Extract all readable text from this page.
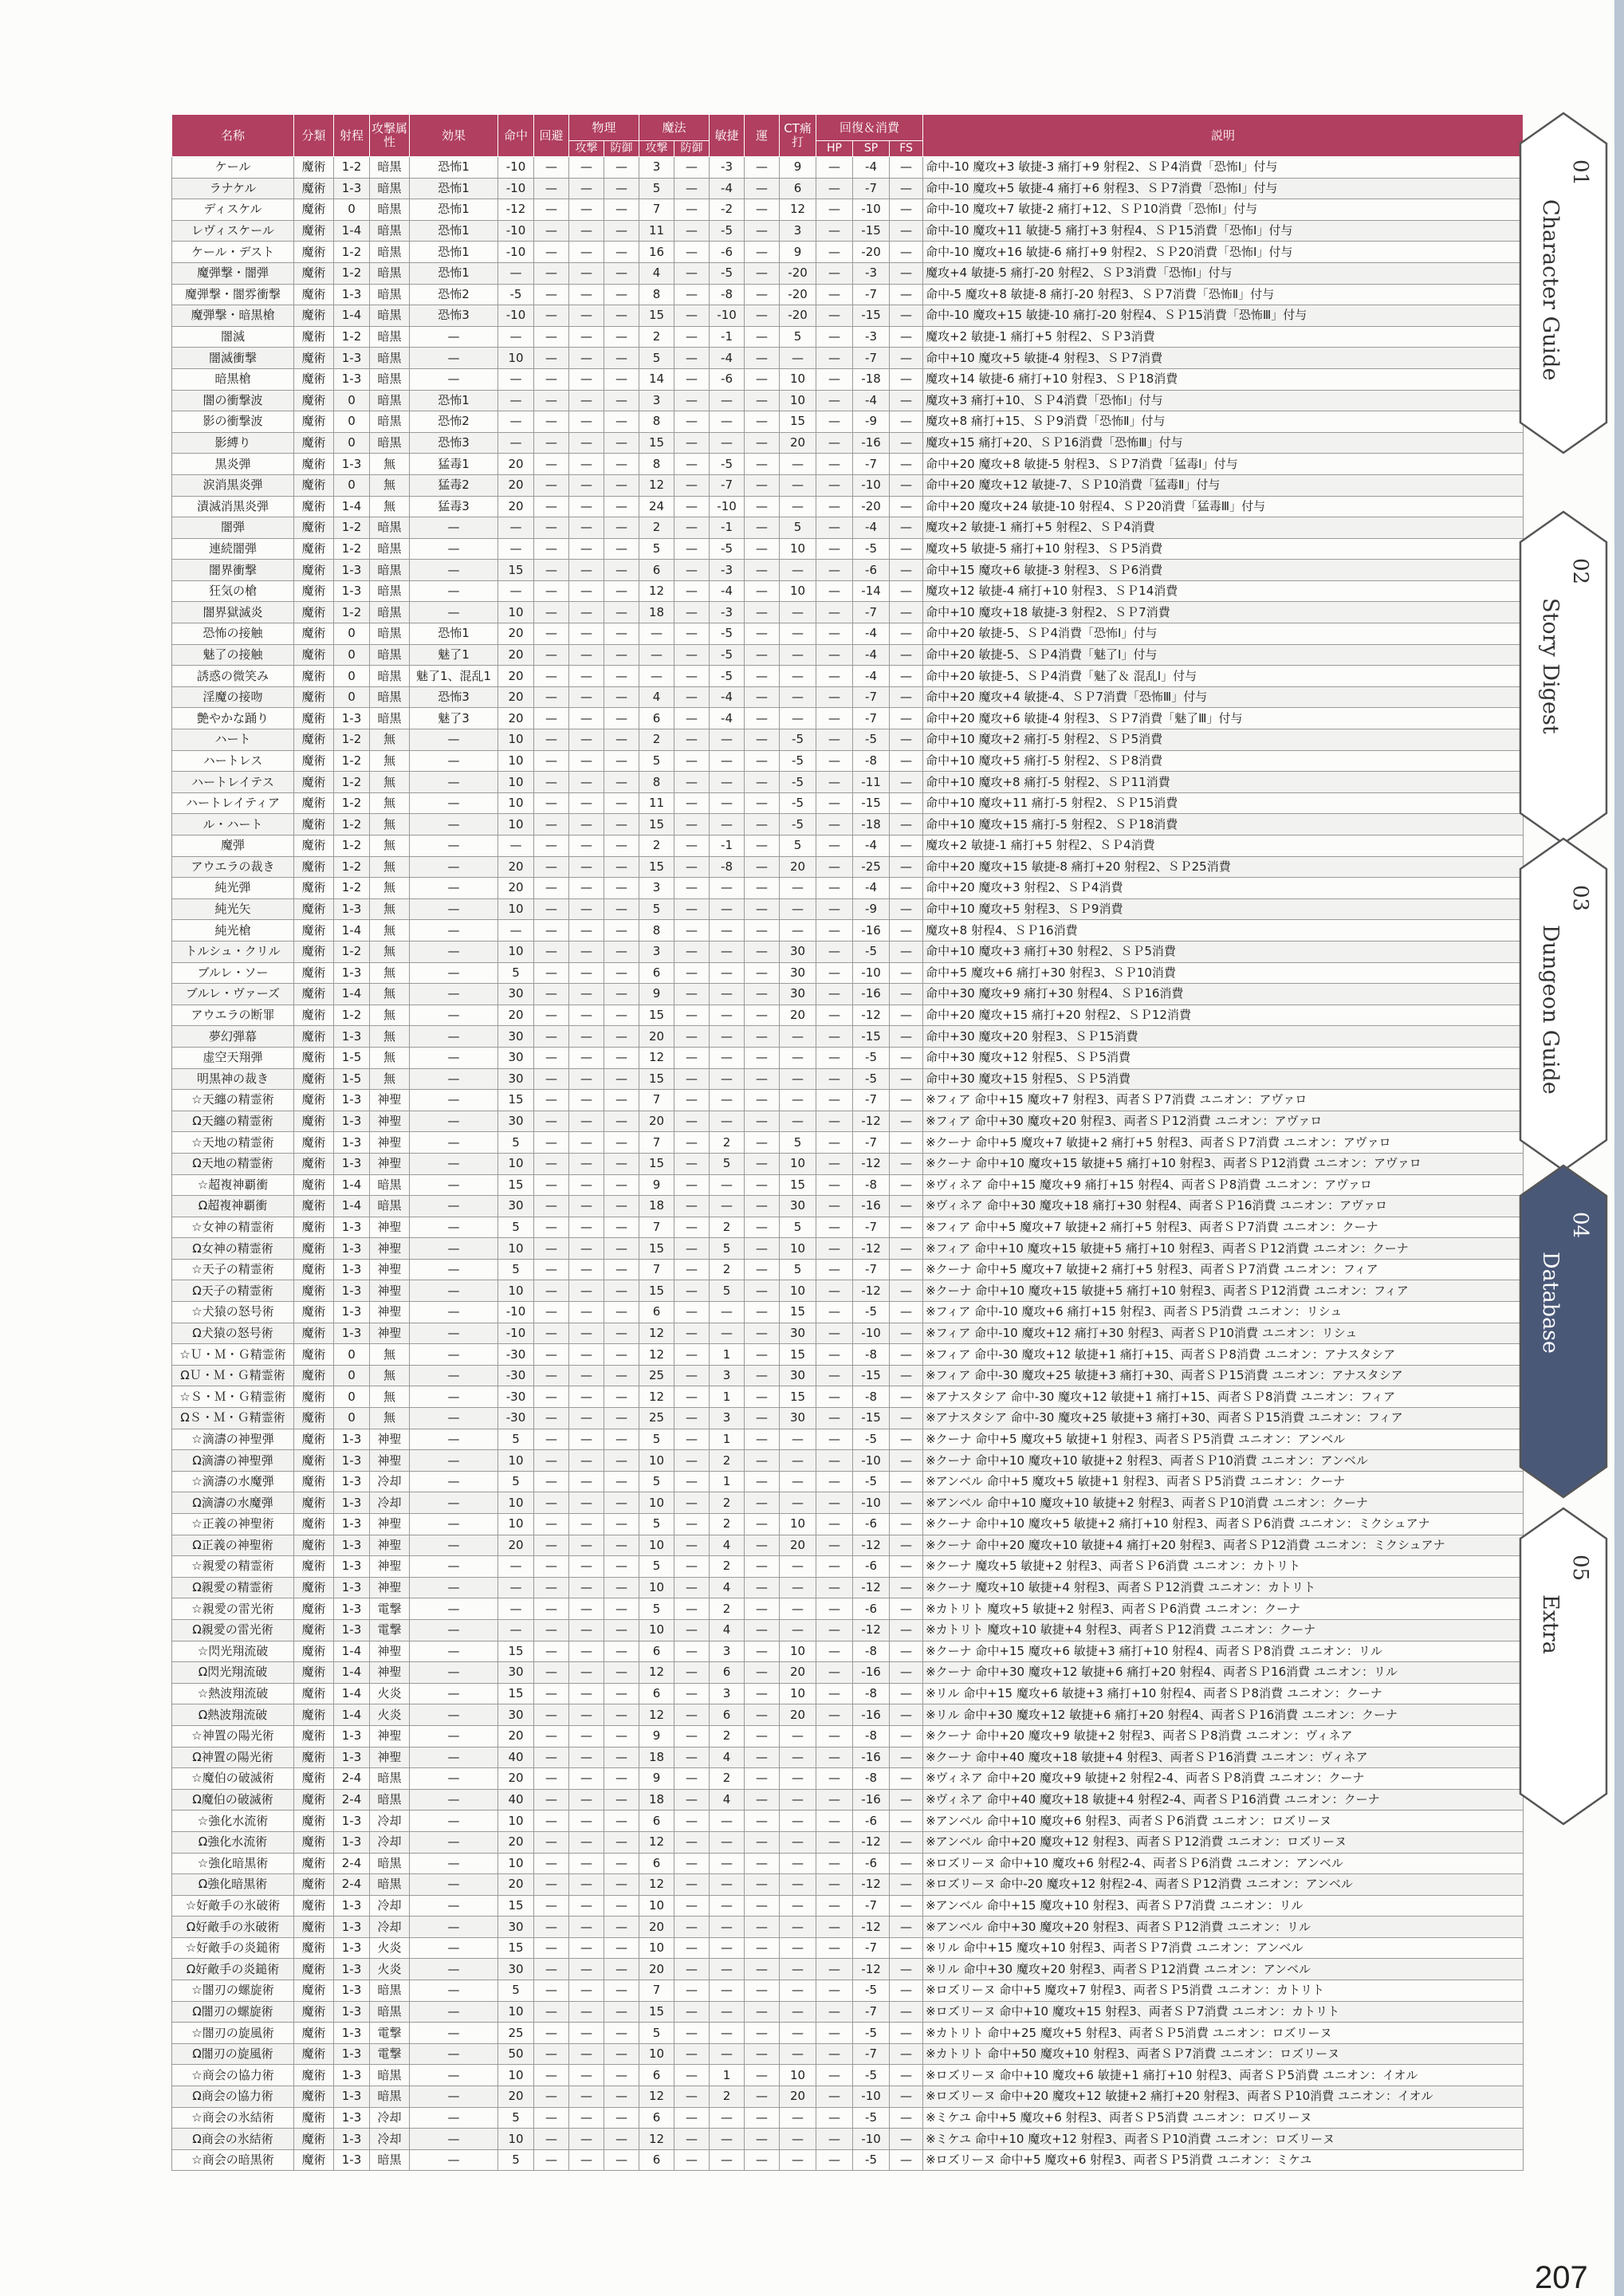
名称	分類	射程	攻撃属性	効果	命中	回避	物理		魔法		敏捷	運	CT痛打	回復＆消費			説明
							攻撃	防御	攻撃	防御				HP	SP	FS	
ケール	魔術	1-2	暗黒	恐怖1	-10	—	—	—	3	—	-3	—	9	—	-4	—	命中-10 魔攻+3 敏捷-3 痛打+9 射程2、ＳＰ4消費「恐怖Ⅰ」付与
ラナケル	魔術	1-3	暗黒	恐怖1	-10	—	—	—	5	—	-4	—	6	—	-7	—	命中-10 魔攻+5 敏捷-4 痛打+6 射程3、ＳＰ7消費「恐怖Ⅰ」付与
ディスケル	魔術	0	暗黒	恐怖1	-12	—	—	—	7	—	-2	—	12	—	-10	—	命中-10 魔攻+7 敏捷-2 痛打+12、ＳＰ10消費「恐怖Ⅰ」付与
レヴィスケール	魔術	1-4	暗黒	恐怖1	-10	—	—	—	11	—	-5	—	3	—	-15	—	命中-10 魔攻+11 敏捷-5 痛打+3 射程4、ＳＰ15消費「恐怖Ⅰ」付与
ケール・デスト	魔術	1-2	暗黒	恐怖1	-10	—	—	—	16	—	-6	—	9	—	-20	—	命中-10 魔攻+16 敏捷-6 痛打+9 射程2、ＳＰ20消費「恐怖Ⅰ」付与
魔弾撃・闇弾	魔術	1-2	暗黒	恐怖1	—	—	—	—	4	—	-5	—	-20	—	-3	—	魔攻+4 敏捷-5 痛打-20 射程2、ＳＰ3消費「恐怖Ⅰ」付与
魔弾撃・闇雰衝撃	魔術	1-3	暗黒	恐怖2	-5	—	—	—	8	—	-8	—	-20	—	-7	—	命中-5 魔攻+8 敏捷-8 痛打-20 射程3、ＳＰ7消費「恐怖Ⅱ」付与
魔弾撃・暗黒槍	魔術	1-4	暗黒	恐怖3	-10	—	—	—	15	—	-10	—	-20	—	-15	—	命中-10 魔攻+15 敏捷-10 痛打-20 射程4、ＳＰ15消費「恐怖Ⅲ」付与
闇滅	魔術	1-2	暗黒	—	—	—	—	—	2	—	-1	—	5	—	-3	—	魔攻+2 敏捷-1 痛打+5 射程2、ＳＰ3消費
闇滅衝撃	魔術	1-3	暗黒	—	10	—	—	—	5	—	-4	—	—	—	-7	—	命中+10 魔攻+5 敏捷-4 射程3、ＳＰ7消費
暗黒槍	魔術	1-3	暗黒	—	—	—	—	—	14	—	-6	—	10	—	-18	—	魔攻+14 敏捷-6 痛打+10 射程3、ＳＰ18消費
闇の衝撃波	魔術	0	暗黒	恐怖1	—	—	—	—	3	—	—	—	10	—	-4	—	魔攻+3 痛打+10、ＳＰ4消費「恐怖Ⅰ」付与
影の衝撃波	魔術	0	暗黒	恐怖2	—	—	—	—	8	—	—	—	15	—	-9	—	魔攻+8 痛打+15、ＳＰ9消費「恐怖Ⅱ」付与
影縛り	魔術	0	暗黒	恐怖3	—	—	—	—	15	—	—	—	20	—	-16	—	魔攻+15 痛打+20、ＳＰ16消費「恐怖Ⅲ」付与
黒炎弾	魔術	1-3	無	猛毒1	20	—	—	—	8	—	-5	—	—	—	-7	—	命中+20 魔攻+8 敏捷-5 射程3、ＳＰ7消費「猛毒Ⅰ」付与
涙消黒炎弾	魔術	0	無	猛毒2	20	—	—	—	12	—	-7	—	—	—	-10	—	命中+20 魔攻+12 敏捷-7、ＳＰ10消費「猛毒Ⅱ」付与
漬滅消黒炎弾	魔術	1-4	無	猛毒3	20	—	—	—	24	—	-10	—	—	—	-20	—	命中+20 魔攻+24 敏捷-10 射程4、ＳＰ20消費「猛毒Ⅲ」付与
闇弾	魔術	1-2	暗黒	—	—	—	—	—	2	—	-1	—	5	—	-4	—	魔攻+2 敏捷-1 痛打+5 射程2、ＳＰ4消費
連続闇弾	魔術	1-2	暗黒	—	—	—	—	—	5	—	-5	—	10	—	-5	—	魔攻+5 敏捷-5 痛打+10 射程3、ＳＰ5消費
闇界衝撃	魔術	1-3	暗黒	—	15	—	—	—	6	—	-3	—	—	—	-6	—	命中+15 魔攻+6 敏捷-3 射程3、ＳＰ6消費
狂気の槍	魔術	1-3	暗黒	—	—	—	—	—	12	—	-4	—	10	—	-14	—	魔攻+12 敏捷-4 痛打+10 射程3、ＳＰ14消費
闇界獄滅炎	魔術	1-2	暗黒	—	10	—	—	—	18	—	-3	—	—	—	-7	—	命中+10 魔攻+18 敏捷-3 射程2、ＳＰ7消費
恐怖の接触	魔術	0	暗黒	恐怖1	20	—	—	—	—	—	-5	—	—	—	-4	—	命中+20 敏捷-5、ＳＰ4消費「恐怖Ⅰ」付与
魅了の接触	魔術	0	暗黒	魅了1	20	—	—	—	—	—	-5	—	—	—	-4	—	命中+20 敏捷-5、ＳＰ4消費「魅了Ⅰ」付与
誘惑の微笑み	魔術	0	暗黒	魅了1、混乱1	20	—	—	—	—	—	-5	—	—	—	-4	—	命中+20 敏捷-5、ＳＰ4消費「魅了＆ 混乱Ⅰ」付与
淫魔の接吻	魔術	0	暗黒	恐怖3	20	—	—	—	4	—	-4	—	—	—	-7	—	命中+20 魔攻+4 敏捷-4、ＳＰ7消費「恐怖Ⅲ」付与
艶やかな踊り	魔術	1-3	暗黒	魅了3	20	—	—	—	6	—	-4	—	—	—	-7	—	命中+20 魔攻+6 敏捷-4 射程3、ＳＰ7消費「魅了Ⅲ」付与
ハート	魔術	1-2	無	—	10	—	—	—	2	—	—	—	-5	—	-5	—	命中+10 魔攻+2 痛打-5 射程2、ＳＰ5消費
ハートレス	魔術	1-2	無	—	10	—	—	—	5	—	—	—	-5	—	-8	—	命中+10 魔攻+5 痛打-5 射程2、ＳＰ8消費
ハートレイテス	魔術	1-2	無	—	10	—	—	—	8	—	—	—	-5	—	-11	—	命中+10 魔攻+8 痛打-5 射程2、ＳＰ11消費
ハートレイティア	魔術	1-2	無	—	10	—	—	—	11	—	—	—	-5	—	-15	—	命中+10 魔攻+11 痛打-5 射程2、ＳＰ15消費
ル・ハート	魔術	1-2	無	—	10	—	—	—	15	—	—	—	-5	—	-18	—	命中+10 魔攻+15 痛打-5 射程2、ＳＰ18消費
魔弾	魔術	1-2	無	—	—	—	—	—	2	—	-1	—	5	—	-4	—	魔攻+2 敏捷-1 痛打+5 射程2、ＳＰ4消費
アウエラの裁き	魔術	1-2	無	—	20	—	—	—	15	—	-8	—	20	—	-25	—	命中+20 魔攻+15 敏捷-8 痛打+20 射程2、ＳＰ25消費
純光弾	魔術	1-2	無	—	20	—	—	—	3	—	—	—	—	—	-4	—	命中+20 魔攻+3 射程2、ＳＰ4消費
純光矢	魔術	1-3	無	—	10	—	—	—	5	—	—	—	—	—	-9	—	命中+10 魔攻+5 射程3、ＳＰ9消費
純光槍	魔術	1-4	無	—	—	—	—	—	8	—	—	—	—	—	-16	—	魔攻+8 射程4、ＳＰ16消費
トルシュ・クリル	魔術	1-2	無	—	10	—	—	—	3	—	—	—	30	—	-5	—	命中+10 魔攻+3 痛打+30 射程2、ＳＰ5消費
ブルレ・ソー	魔術	1-3	無	—	5	—	—	—	6	—	—	—	30	—	-10	—	命中+5 魔攻+6 痛打+30 射程3、ＳＰ10消費
ブルレ・ヴァーズ	魔術	1-4	無	—	30	—	—	—	9	—	—	—	30	—	-16	—	命中+30 魔攻+9 痛打+30 射程4、ＳＰ16消費
アウエラの断罪	魔術	1-2	無	—	20	—	—	—	15	—	—	—	20	—	-12	—	命中+20 魔攻+15 痛打+20 射程2、ＳＰ12消費
夢幻弾幕	魔術	1-3	無	—	30	—	—	—	20	—	—	—	—	—	-15	—	命中+30 魔攻+20 射程3、ＳＰ15消費
虚空天翔弾	魔術	1-5	無	—	30	—	—	—	12	—	—	—	—	—	-5	—	命中+30 魔攻+12 射程5、ＳＰ5消費
明黒神の裁き	魔術	1-5	無	—	30	—	—	—	15	—	—	—	—	—	-5	—	命中+30 魔攻+15 射程5、ＳＰ5消費
☆天纏の精霊術	魔術	1-3	神聖	—	15	—	—	—	7	—	—	—	—	—	-7	—	※フィア 命中+15 魔攻+7 射程3、両者ＳＰ7消費 ユニオン：アヴァロ
Ω天纏の精霊術	魔術	1-3	神聖	—	30	—	—	—	20	—	—	—	—	—	-12	—	※フィア 命中+30 魔攻+20 射程3、両者ＳＰ12消費 ユニオン：アヴァロ
☆天地の精霊術	魔術	1-3	神聖	—	5	—	—	—	7	—	2	—	5	—	-7	—	※クーナ 命中+5 魔攻+7 敏捷+2 痛打+5 射程3、両者ＳＰ7消費 ユニオン：アヴァロ
Ω天地の精霊術	魔術	1-3	神聖	—	10	—	—	—	15	—	5	—	10	—	-12	—	※クーナ 命中+10 魔攻+15 敏捷+5 痛打+10 射程3、両者ＳＰ12消費 ユニオン：アヴァロ
☆超複神覇衝	魔術	1-4	暗黒	—	15	—	—	—	9	—	—	—	15	—	-8	—	※ヴィネア 命中+15 魔攻+9 痛打+15 射程4、両者ＳＰ8消費 ユニオン：アヴァロ
Ω超複神覇衝	魔術	1-4	暗黒	—	30	—	—	—	18	—	—	—	30	—	-16	—	※ヴィネア 命中+30 魔攻+18 痛打+30 射程4、両者ＳＰ16消費 ユニオン：アヴァロ
☆女神の精霊術	魔術	1-3	神聖	—	5	—	—	—	7	—	2	—	5	—	-7	—	※フィア 命中+5 魔攻+7 敏捷+2 痛打+5 射程3、両者ＳＰ7消費 ユニオン：クーナ
Ω女神の精霊術	魔術	1-3	神聖	—	10	—	—	—	15	—	5	—	10	—	-12	—	※フィア 命中+10 魔攻+15 敏捷+5 痛打+10 射程3、両者ＳＰ12消費 ユニオン：クーナ
☆天子の精霊術	魔術	1-3	神聖	—	5	—	—	—	7	—	2	—	5	—	-7	—	※クーナ 命中+5 魔攻+7 敏捷+2 痛打+5 射程3、両者ＳＰ7消費 ユニオン：フィア
Ω天子の精霊術	魔術	1-3	神聖	—	10	—	—	—	15	—	5	—	10	—	-12	—	※クーナ 命中+10 魔攻+15 敏捷+5 痛打+10 射程3、両者ＳＰ12消費 ユニオン：フィア
☆犬猿の怒号術	魔術	1-3	神聖	—	-10	—	—	—	6	—	—	—	15	—	-5	—	※フィア 命中-10 魔攻+6 痛打+15 射程3、両者ＳＰ5消費 ユニオン：リシュ
Ω犬猿の怒号術	魔術	1-3	神聖	—	-10	—	—	—	12	—	—	—	30	—	-10	—	※フィア 命中-10 魔攻+12 痛打+30 射程3、両者ＳＰ10消費 ユニオン：リシュ
☆Ｕ・Ｍ・Ｇ精霊術	魔術	0	無	—	-30	—	—	—	12	—	1	—	15	—	-8	—	※フィア 命中-30 魔攻+12 敏捷+1 痛打+15、両者ＳＰ8消費 ユニオン：アナスタシア
ΩＵ・Ｍ・Ｇ精霊術	魔術	0	無	—	-30	—	—	—	25	—	3	—	30	—	-15	—	※フィア 命中-30 魔攻+25 敏捷+3 痛打+30、両者ＳＰ15消費 ユニオン：アナスタシア
☆Ｓ・Ｍ・Ｇ精霊術	魔術	0	無	—	-30	—	—	—	12	—	1	—	15	—	-8	—	※アナスタシア 命中-30 魔攻+12 敏捷+1 痛打+15、両者ＳＰ8消費 ユニオン：フィア
ΩＳ・Ｍ・Ｇ精霊術	魔術	0	無	—	-30	—	—	—	25	—	3	—	30	—	-15	—	※アナスタシア 命中-30 魔攻+25 敏捷+3 痛打+30、両者ＳＰ15消費 ユニオン：フィア
☆滴濤の神聖弾	魔術	1-3	神聖	—	5	—	—	—	5	—	1	—	—	—	-5	—	※クーナ 命中+5 魔攻+5 敏捷+1 射程3、両者ＳＰ5消費 ユニオン：アンベル
Ω滴濤の神聖弾	魔術	1-3	神聖	—	10	—	—	—	10	—	2	—	—	—	-10	—	※クーナ 命中+10 魔攻+10 敏捷+2 射程3、両者ＳＰ10消費 ユニオン：アンベル
☆滴濤の水魔弾	魔術	1-3	冷却	—	5	—	—	—	5	—	1	—	—	—	-5	—	※アンベル 命中+5 魔攻+5 敏捷+1 射程3、両者ＳＰ5消費 ユニオン：クーナ
Ω滴濤の水魔弾	魔術	1-3	冷却	—	10	—	—	—	10	—	2	—	—	—	-10	—	※アンベル 命中+10 魔攻+10 敏捷+2 射程3、両者ＳＰ10消費 ユニオン：クーナ
☆正義の神聖術	魔術	1-3	神聖	—	10	—	—	—	5	—	2	—	10	—	-6	—	※クーナ 命中+10 魔攻+5 敏捷+2 痛打+10 射程3、両者ＳＰ6消費 ユニオン：ミクシュアナ
Ω正義の神聖術	魔術	1-3	神聖	—	20	—	—	—	10	—	4	—	20	—	-12	—	※クーナ 命中+20 魔攻+10 敏捷+4 痛打+20 射程3、両者ＳＰ12消費 ユニオン：ミクシュアナ
☆親愛の精霊術	魔術	1-3	神聖	—	—	—	—	—	5	—	2	—	—	—	-6	—	※クーナ 魔攻+5 敏捷+2 射程3、両者ＳＰ6消費 ユニオン：カトリト
Ω親愛の精霊術	魔術	1-3	神聖	—	—	—	—	—	10	—	4	—	—	—	-12	—	※クーナ 魔攻+10 敏捷+4 射程3、両者ＳＰ12消費 ユニオン：カトリト
☆親愛の雷光術	魔術	1-3	電撃	—	—	—	—	—	5	—	2	—	—	—	-6	—	※カトリト 魔攻+5 敏捷+2 射程3、両者ＳＰ6消費 ユニオン：クーナ
Ω親愛の雷光術	魔術	1-3	電撃	—	—	—	—	—	10	—	4	—	—	—	-12	—	※カトリト 魔攻+10 敏捷+4 射程3、両者ＳＰ12消費 ユニオン：クーナ
☆閃光翔流破	魔術	1-4	神聖	—	15	—	—	—	6	—	3	—	10	—	-8	—	※クーナ 命中+15 魔攻+6 敏捷+3 痛打+10 射程4、両者ＳＰ8消費 ユニオン：リル
Ω閃光翔流破	魔術	1-4	神聖	—	30	—	—	—	12	—	6	—	20	—	-16	—	※クーナ 命中+30 魔攻+12 敏捷+6 痛打+20 射程4、両者ＳＰ16消費 ユニオン：リル
☆熱波翔流破	魔術	1-4	火炎	—	15	—	—	—	6	—	3	—	10	—	-8	—	※リル 命中+15 魔攻+6 敏捷+3 痛打+10 射程4、両者ＳＰ8消費 ユニオン：クーナ
Ω熱波翔流破	魔術	1-4	火炎	—	30	—	—	—	12	—	6	—	20	—	-16	—	※リル 命中+30 魔攻+12 敏捷+6 痛打+20 射程4、両者ＳＰ16消費 ユニオン：クーナ
☆神置の陽光術	魔術	1-3	神聖	—	20	—	—	—	9	—	2	—	—	—	-8	—	※クーナ 命中+20 魔攻+9 敏捷+2 射程3、両者ＳＰ8消費 ユニオン：ヴィネア
Ω神置の陽光術	魔術	1-3	神聖	—	40	—	—	—	18	—	4	—	—	—	-16	—	※クーナ 命中+40 魔攻+18 敏捷+4 射程3、両者ＳＰ16消費 ユニオン：ヴィネア
☆魔伯の破滅術	魔術	2-4	暗黒	—	20	—	—	—	9	—	2	—	—	—	-8	—	※ヴィネア 命中+20 魔攻+9 敏捷+2 射程2-4、両者ＳＰ8消費 ユニオン：クーナ
Ω魔伯の破滅術	魔術	2-4	暗黒	—	40	—	—	—	18	—	4	—	—	—	-16	—	※ヴィネア 命中+40 魔攻+18 敏捷+4 射程2-4、両者ＳＰ16消費 ユニオン：クーナ
☆強化水流術	魔術	1-3	冷却	—	10	—	—	—	6	—	—	—	—	—	-6	—	※アンベル 命中+10 魔攻+6 射程3、両者ＳＰ6消費 ユニオン：ロズリーヌ
Ω強化水流術	魔術	1-3	冷却	—	20	—	—	—	12	—	—	—	—	—	-12	—	※アンベル 命中+20 魔攻+12 射程3、両者ＳＰ12消費 ユニオン：ロズリーヌ
☆強化暗黒術	魔術	2-4	暗黒	—	10	—	—	—	6	—	—	—	—	—	-6	—	※ロズリーヌ 命中+10 魔攻+6 射程2-4、両者ＳＰ6消費 ユニオン：アンベル
Ω強化暗黒術	魔術	2-4	暗黒	—	20	—	—	—	12	—	—	—	—	—	-12	—	※ロズリーヌ 命中-20 魔攻+12 射程2-4、両者ＳＰ12消費 ユニオン：アンベル
☆好敵手の氷破術	魔術	1-3	冷却	—	15	—	—	—	10	—	—	—	—	—	-7	—	※アンベル 命中+15 魔攻+10 射程3、両者ＳＰ7消費 ユニオン：リル
Ω好敵手の氷破術	魔術	1-3	冷却	—	30	—	—	—	20	—	—	—	—	—	-12	—	※アンベル 命中+30 魔攻+20 射程3、両者ＳＰ12消費 ユニオン：リル
☆好敵手の炎鎚術	魔術	1-3	火炎	—	15	—	—	—	10	—	—	—	—	—	-7	—	※リル 命中+15 魔攻+10 射程3、両者ＳＰ7消費 ユニオン：アンベル
Ω好敵手の炎鎚術	魔術	1-3	火炎	—	30	—	—	—	20	—	—	—	—	—	-12	—	※リル 命中+30 魔攻+20 射程3、両者ＳＰ12消費 ユニオン：アンベル
☆闇刃の螺旋術	魔術	1-3	暗黒	—	5	—	—	—	7	—	—	—	—	—	-5	—	※ロズリーヌ 命中+5 魔攻+7 射程3、両者ＳＰ5消費 ユニオン：カトリト
Ω闇刃の螺旋術	魔術	1-3	暗黒	—	10	—	—	—	15	—	—	—	—	—	-7	—	※ロズリーヌ 命中+10 魔攻+15 射程3、両者ＳＰ7消費 ユニオン：カトリト
☆闇刃の旋風術	魔術	1-3	電撃	—	25	—	—	—	5	—	—	—	—	—	-5	—	※カトリト 命中+25 魔攻+5 射程3、両者ＳＰ5消費 ユニオン：ロズリーヌ
Ω闇刃の旋風術	魔術	1-3	電撃	—	50	—	—	—	10	—	—	—	—	—	-7	—	※カトリト 命中+50 魔攻+10 射程3、両者ＳＰ7消費 ユニオン：ロズリーヌ
☆商会の協力術	魔術	1-3	暗黒	—	10	—	—	—	6	—	1	—	10	—	-5	—	※ロズリーヌ 命中+10 魔攻+6 敏捷+1 痛打+10 射程3、両者ＳＰ5消費 ユニオン：イオル
Ω商会の協力術	魔術	1-3	暗黒	—	20	—	—	—	12	—	2	—	20	—	-10	—	※ロズリーヌ 命中+20 魔攻+12 敏捷+2 痛打+20 射程3、両者ＳＰ10消費 ユニオン：イオル
☆商会の氷結術	魔術	1-3	冷却	—	5	—	—	—	6	—	—	—	—	—	-5	—	※ミケユ 命中+5 魔攻+6 射程3、両者ＳＰ5消費 ユニオン：ロズリーヌ
Ω商会の氷結術	魔術	1-3	冷却	—	10	—	—	—	12	—	—	—	—	—	-10	—	※ミケユ 命中+10 魔攻+12 射程3、両者ＳＰ10消費 ユニオン：ロズリーヌ
☆商会の暗黒術	魔術	1-3	暗黒	—	5	—	—	—	6	—	—	—	—	—	-5	—	※ロズリーヌ 命中+5 魔攻+6 射程3、両者ＳＰ5消費 ユニオン：ミケユ
01
Character Guide
02
Story Digest
03
Dungeon Guide
04
Database
05
Extra
207
